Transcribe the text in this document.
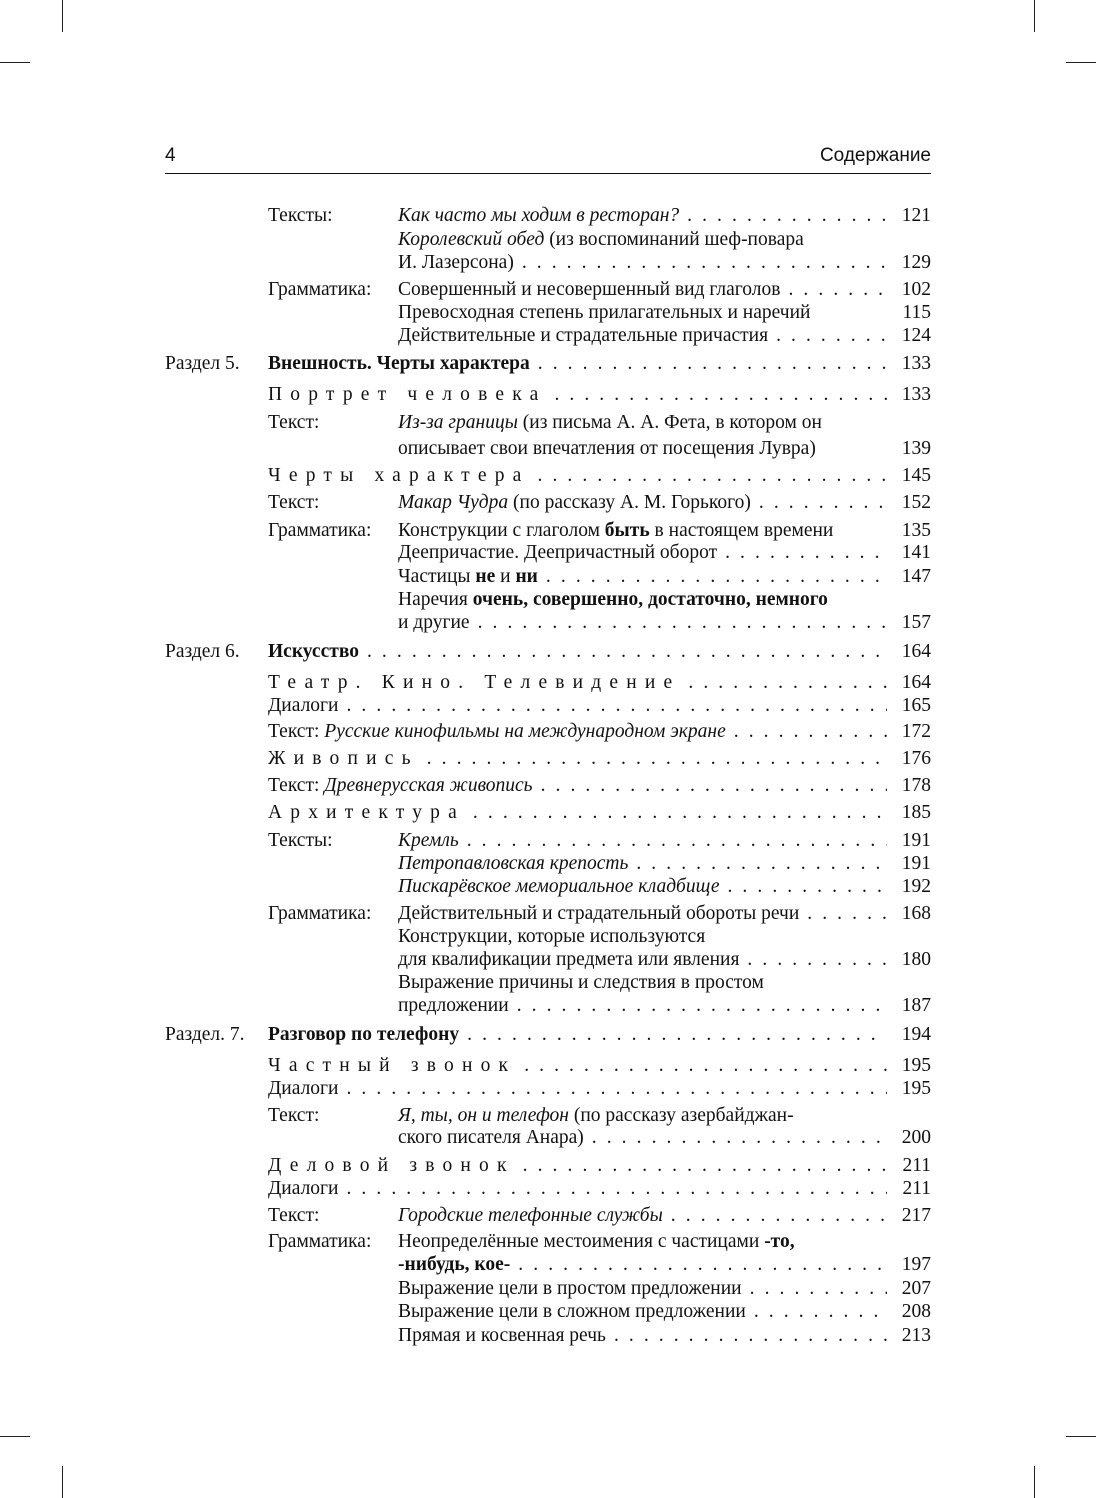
4	Содержание
Тексты:	Как часто мы ходим в ресторан? . . .	121
Королевский обед (из воспоминаний шеф-повара
И. Лазерсона) . . .	129
Грамматика: Совершенный и несовершенный вид глаголов . . .	102
Превосходная степень прилагательных и наречий	115
Действительные и страдательные причастия . . .	124
Раздел 5. Внешность. Черты характера . . .	133
Портрет человека . . .	133
Текст:	Из-за границы (из письма А. А. Фета, в котором он
описывает свои впечатления от посещения Лувра)	139
Черты характера . . .	145
Текст:	Макар Чудра (по рассказу А. М. Горького) . . .	152
Грамматика: Конструкции с глаголом быть в настоящем времени	135
Деепричастие. Деепричастный оборот . . .	141
Частицы не и ни . . .	147
Наречия очень, совершенно, достаточно, немного
и другие . . .	157
Раздел 6. Искусство . . .	164
Театр. Кино. Телевидение . . .	164
Диалоги . . .	165
Текст: Русские кинофильмы на международном экране . . .	172
Живопись . . .	176
Текст: Древнерусская живопись . . .	178
Архитектура . . .	185
Тексты:	Кремль . . .	191
Петропавловская крепость . . .	191
Пискарёвское мемориальное кладбище . . .	192
Грамматика: Действительный и страдательный обороты речи . . .	168
Конструкции, которые используются
для квалификации предмета или явления . . .	180
Выражение причины и следствия в простом
предложении . . .	187
Раздел. 7. Разговор по телефону . . .	194
Частный звонок . . .	195
Диалоги . . .	195
Текст:	Я, ты, он и телефон (по рассказу азербайджан-
ского писателя Анара) . . .	200
Деловой звонок . . .	211
Диалоги . . .	211
Текст:	Городские телефонные службы . . .	217
Грамматика: Неопределённые местоимения с частицами -то,
-нибудь, кое- . . .	197
Выражение цели в простом предложении . . .	207
Выражение цели в сложном предложении . . .	208
Прямая и косвенная речь . . .	213
